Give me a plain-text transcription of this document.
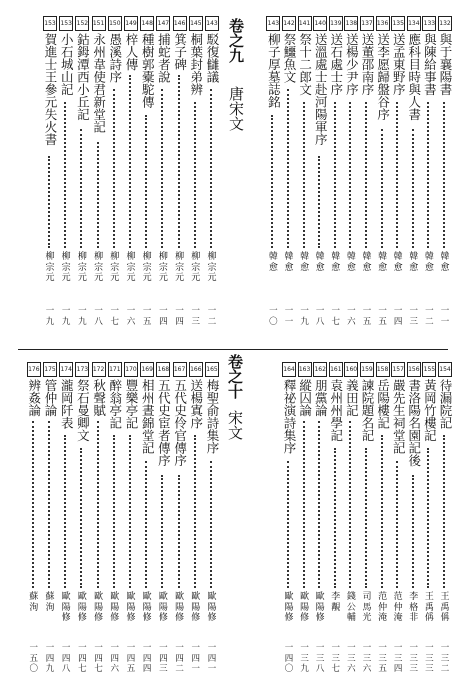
卷之九
唐宋文
卷之十
宋文
132
與于襄陽書
韓
愈
一
一
133
與陳給事書
韓
愈
一
二
134
應科目時與人書
韓
愈
一
三
135
送孟東野序
韓
愈
一
四
136
送李愿歸盤谷序
韓
愈
一
五
137
送董邵南序
韓
愈
一
五
138
送楊少尹序
韓
愈
一
六
139
送石處士序
韓
愈
一
七
140
送溫處士赴河陽軍序
韓
愈
一
八
141
祭十二郎文
韓
愈
一
九
142
祭鱷魚文
韓
愈
一
一
143
柳子厚墓誌銘
韓
愈
一
〇
143
駁復讎議
柳
宗
元
一
二
145
桐葉封弟辨
柳
宗
元
一
三
146
箕子碑
柳
宗
元
一
四
147
捕蛇者說
柳
宗
元
一
四
148
種樹郭橐駝傳
柳
宗
元
一
五
149
梓人傳
柳
宗
元
一
六
150
愚溪詩序
柳
宗
元
一
七
151
永州韋使君新堂記
柳
宗
元
一
八
152
鈷鉧潭西小丘記
柳
宗
元
一
九
153
小石城山記
柳
宗
元
一
九
153
賀進士王參元失火書
柳
宗
元
一
九
154
待漏院記
王
禹
偁
一
三
二
155
黃岡竹樓記
王
禹
偁
一
三
三
156
書洛陽名園記後
李
格
非
一
三
三
157
嚴先生祠堂記
范
仲
淹
一
三
四
158
岳陽樓記
范
仲
淹
一
三
五
159
諫院題名記
司
馬
光
一
三
六
160
義田記
錢
公
輔
一
三
六
161
袁州州學記
李
覯
一
三
七
162
朋黨論
歐
陽
修
一
三
八
163
縱囚論
歐
陽
修
一
三
九
164
釋祕演詩集序
歐
陽
修
一
四
〇
165
梅聖俞詩集序
歐
陽
修
一
四
一
166
送楊寘序
歐
陽
修
一
四
一
167
五代史伶官傳序
歐
陽
修
一
四
二
168
五代史宦者傳序
歐
陽
修
一
四
三
169
相州晝錦堂記
歐
陽
修
一
四
四
170
豐樂亭記
歐
陽
修
一
四
五
171
醉翁亭記
歐
陽
修
一
四
六
172
秋聲賦
歐
陽
修
一
四
七
173
祭石曼卿文
歐
陽
修
一
四
七
174
瀧岡阡表
歐
陽
修
一
四
八
175
管仲論
蘇
洵
一
四
九
176
辨姦論
蘇
洵
一
五
〇
